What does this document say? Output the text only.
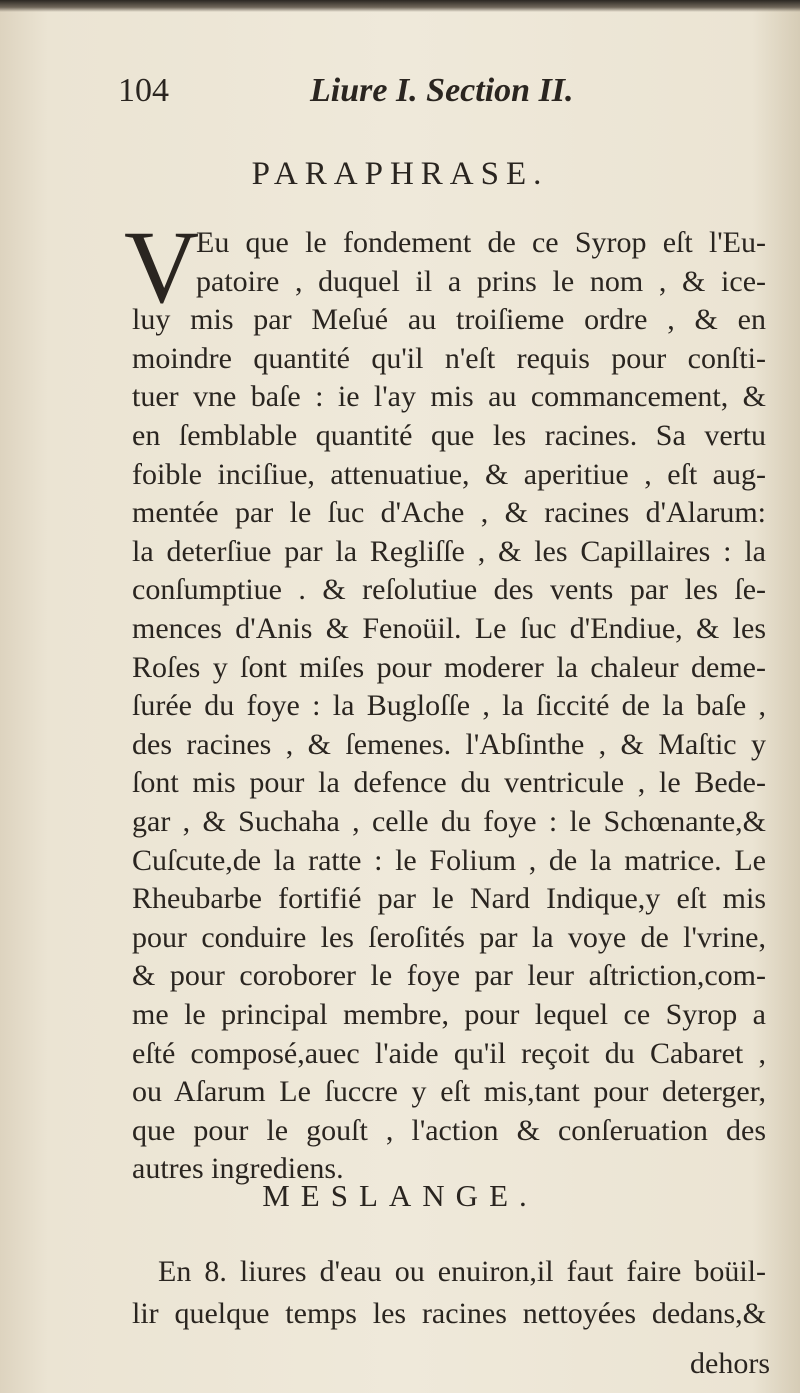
104	Liure I. Section II.
PARAPHRASE.
V

Eu que le fondement de ce Syrop eſt l'Eu-

patoire , duquel il a prins le nom , & ice-

luy mis par Meſué au troiſieme ordre , & en

moindre quantité qu'il n'eſt requis pour conſti-

tuer vne baſe : ie l'ay mis au commancement, &

en ſemblable quantité que les racines. Sa vertu

foible inciſiue, attenuatiue, & aperitiue , eſt aug-

mentée par le ſuc d'Ache , & racines d'Alarum:

la deterſiue par la Regliſſe , & les Capillaires : la

conſumptiue . & reſolutiue des vents par les ſe-

mences d'Anis & Fenoüil. Le ſuc d'Endiue, & les

Roſes y ſont miſes pour moderer la chaleur deme-

ſurée du foye : la Bugloſſe , la ſiccité de la baſe ,

des racines , & ſemenes. l'Abſinthe , & Maſtic y

ſont mis pour la defence du ventricule , le Bede-

gar , & Suchaha , celle du foye : le Schœnante,&

Cuſcute,de la ratte : le Folium , de la matrice. Le

Rheubarbe fortifié par le Nard Indique,y eſt mis

pour conduire les ſeroſités par la voye de l'vrine,

& pour coroborer le foye par leur aſtriction,com-

me le principal membre, pour lequel ce Syrop a

eſté composé,auec l'aide qu'il reçoit du Cabaret ,

ou Aſarum Le ſuccre y eſt mis,tant pour deterger,

que pour le gouſt , l'action & conſeruation des

autres ingrediens.

MESLANGE.

En 8. liures d'eau ou enuiron,il faut faire boüil-

lir quelque temps les racines nettoyées dedans,&

dehors
